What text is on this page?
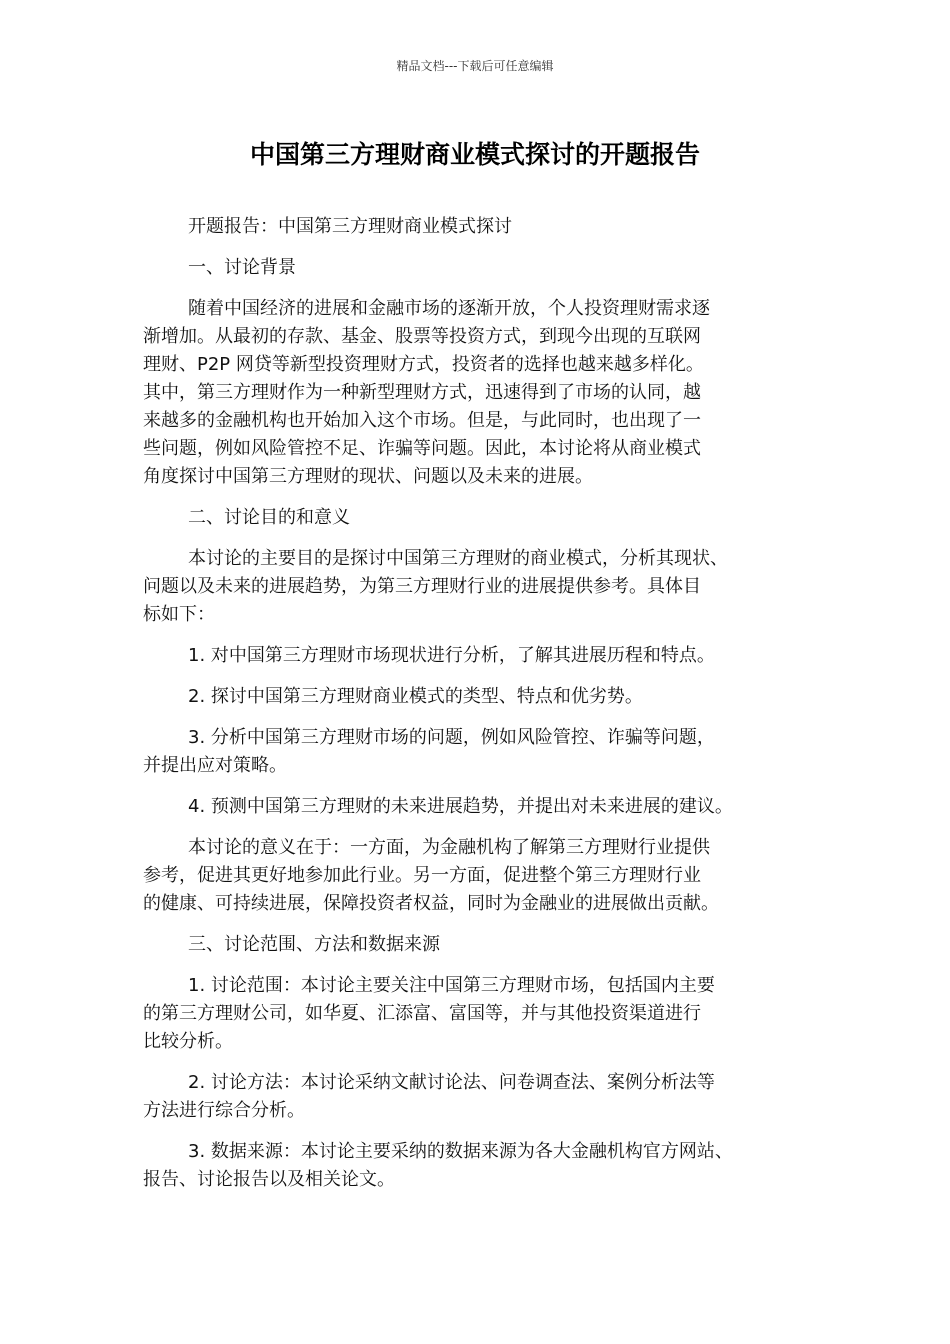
精品文档---下载后可任意编辑
中国第三方理财商业模式探讨的开题报告

开题报告：中国第三方理财商业模式探讨

一、讨论背景

随着中国经济的进展和金融市场的逐渐开放，个人投资理财需求逐
渐增加。从最初的存款、基金、股票等投资方式，到现今出现的互联网
理财、P2P 网贷等新型投资理财方式，投资者的选择也越来越多样化。
其中，第三方理财作为一种新型理财方式，迅速得到了市场的认同，越
来越多的金融机构也开始加入这个市场。但是，与此同时，也出现了一
些问题，例如风险管控不足、诈骗等问题。因此，本讨论将从商业模式
角度探讨中国第三方理财的现状、问题以及未来的进展。

二、讨论目的和意义

本讨论的主要目的是探讨中国第三方理财的商业模式，分析其现状、
问题以及未来的进展趋势，为第三方理财行业的进展提供参考。具体目
标如下：

1. 对中国第三方理财市场现状进行分析，了解其进展历程和特点。

2. 探讨中国第三方理财商业模式的类型、特点和优劣势。

3. 分析中国第三方理财市场的问题，例如风险管控、诈骗等问题，
并提出应对策略。

4. 预测中国第三方理财的未来进展趋势，并提出对未来进展的建议。

本讨论的意义在于：一方面，为金融机构了解第三方理财行业提供
参考，促进其更好地参加此行业。另一方面，促进整个第三方理财行业
的健康、可持续进展，保障投资者权益，同时为金融业的进展做出贡献。

三、讨论范围、方法和数据来源

1. 讨论范围：本讨论主要关注中国第三方理财市场，包括国内主要
的第三方理财公司，如华夏、汇添富、富国等，并与其他投资渠道进行
比较分析。

2. 讨论方法：本讨论采纳文献讨论法、问卷调查法、案例分析法等
方法进行综合分析。

3. 数据来源：本讨论主要采纳的数据来源为各大金融机构官方网站、
报告、讨论报告以及相关论文。
